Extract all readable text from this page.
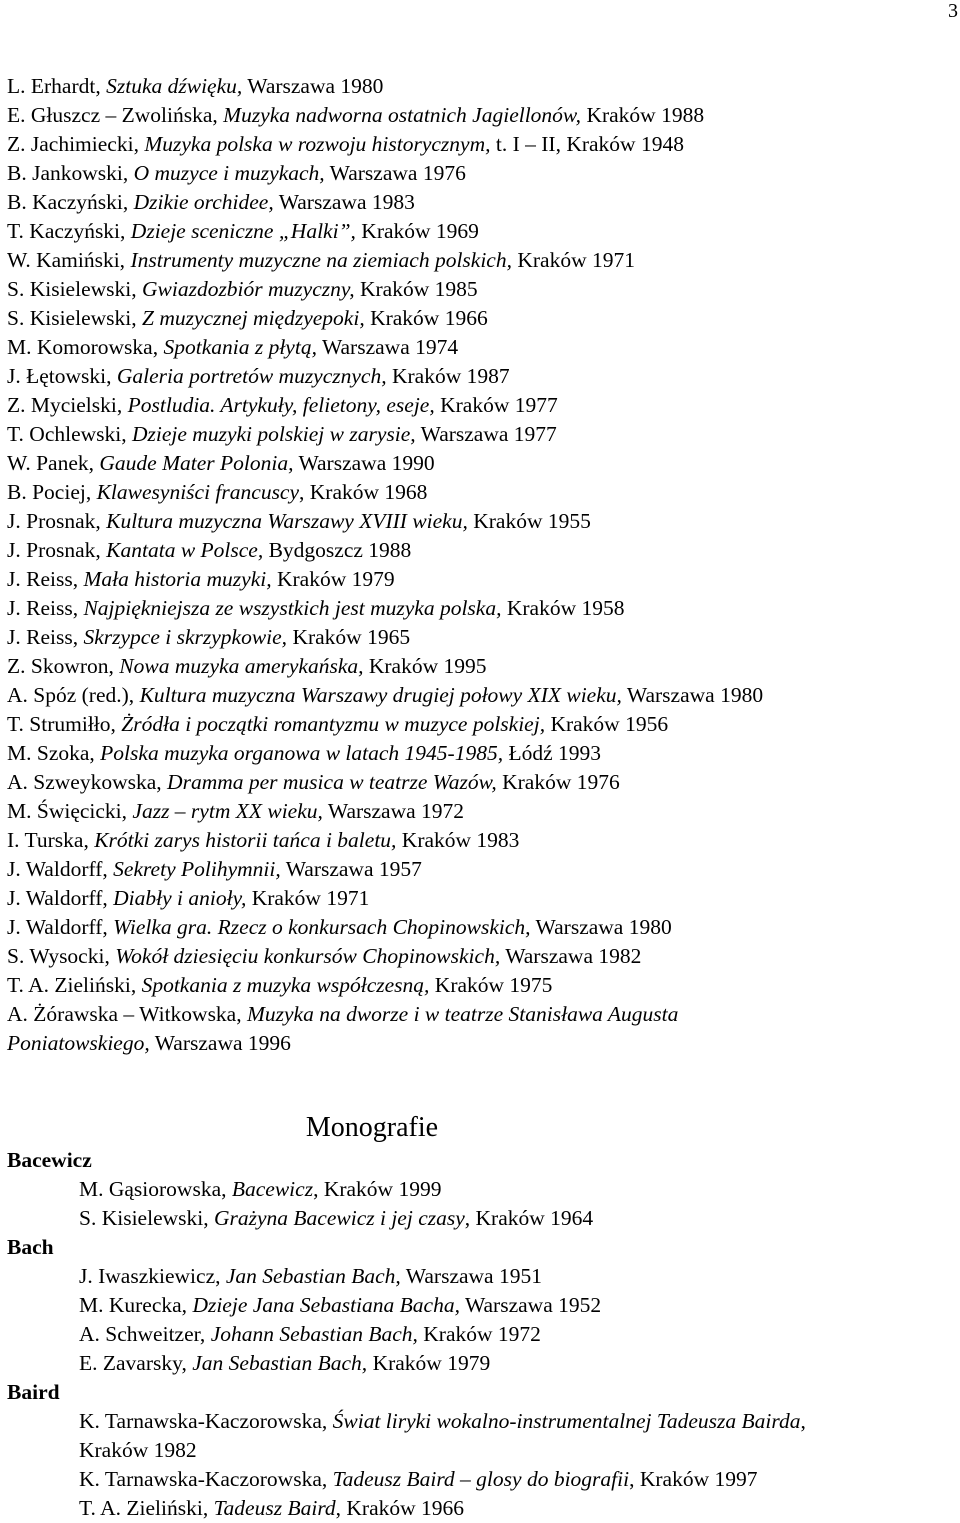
3
L. Erhardt, Sztuka dźwięku, Warszawa 1980
E. Głuszcz – Zwolińska, Muzyka nadworna ostatnich Jagiellonów, Kraków 1988
Z. Jachimiecki, Muzyka polska w rozwoju historycznym, t. I – II, Kraków 1948
B. Jankowski, O muzyce i muzykach, Warszawa 1976
B. Kaczyński, Dzikie orchidee, Warszawa 1983
T. Kaczyński, Dzieje sceniczne „Halki”, Kraków 1969
W. Kamiński, Instrumenty muzyczne na ziemiach polskich, Kraków 1971
S. Kisielewski, Gwiazdozbiór muzyczny, Kraków 1985
S. Kisielewski, Z muzycznej międzyepoki, Kraków 1966
M. Komorowska, Spotkania z płytą, Warszawa 1974
J. Łętowski, Galeria portretów muzycznych, Kraków 1987
Z. Mycielski, Postludia. Artykuły, felietony, eseje, Kraków 1977
T. Ochlewski, Dzieje muzyki polskiej w zarysie, Warszawa 1977
W. Panek, Gaude Mater Polonia, Warszawa 1990
B. Pociej, Klawesyniści francuscy, Kraków 1968
J. Prosnak, Kultura muzyczna Warszawy XVIII wieku, Kraków 1955
J. Prosnak, Kantata w Polsce, Bydgoszcz 1988
J. Reiss, Mała historia muzyki, Kraków 1979
J. Reiss, Najpiękniejsza ze wszystkich jest muzyka polska, Kraków 1958
J. Reiss, Skrzypce i skrzypkowie, Kraków 1965
Z. Skowron, Nowa muzyka amerykańska, Kraków 1995
A. Spóz (red.), Kultura muzyczna Warszawy drugiej połowy XIX wieku, Warszawa 1980
T. Strumiłło, Żródła i początki romantyzmu w muzyce polskiej, Kraków 1956
M. Szoka, Polska muzyka organowa w latach 1945-1985, Łódź 1993
A. Szweykowska, Dramma per musica w teatrze Wazów, Kraków 1976
M. Święcicki, Jazz – rytm XX wieku, Warszawa 1972
I. Turska, Krótki zarys historii tańca i baletu, Kraków 1983
J. Waldorff, Sekrety Polihymnii, Warszawa 1957
J. Waldorff, Diabły i anioły, Kraków 1971
J. Waldorff, Wielka gra. Rzecz o konkursach Chopinowskich, Warszawa 1980
S. Wysocki, Wokół dziesięciu konkursów Chopinowskich, Warszawa 1982
T. A. Zieliński, Spotkania z muzyka współczesną, Kraków 1975
A. Żórawska – Witkowska, Muzyka na dworze i w teatrze Stanisława Augusta
Poniatowskiego, Warszawa 1996
Monografie
Bacewicz
M. Gąsiorowska, Bacewicz, Kraków 1999
S. Kisielewski, Grażyna Bacewicz i jej czasy, Kraków 1964
Bach
J. Iwaszkiewicz, Jan Sebastian Bach, Warszawa 1951
M. Kurecka, Dzieje Jana Sebastiana Bacha, Warszawa 1952
A. Schweitzer, Johann Sebastian Bach, Kraków 1972
E. Zavarsky, Jan Sebastian Bach, Kraków 1979
Baird
K. Tarnawska-Kaczorowska, Świat liryki wokalno-instrumentalnej Tadeusza Bairda,
Kraków 1982
K. Tarnawska-Kaczorowska, Tadeusz Baird – glosy do biografii, Kraków 1997
T. A. Zieliński, Tadeusz Baird, Kraków 1966
